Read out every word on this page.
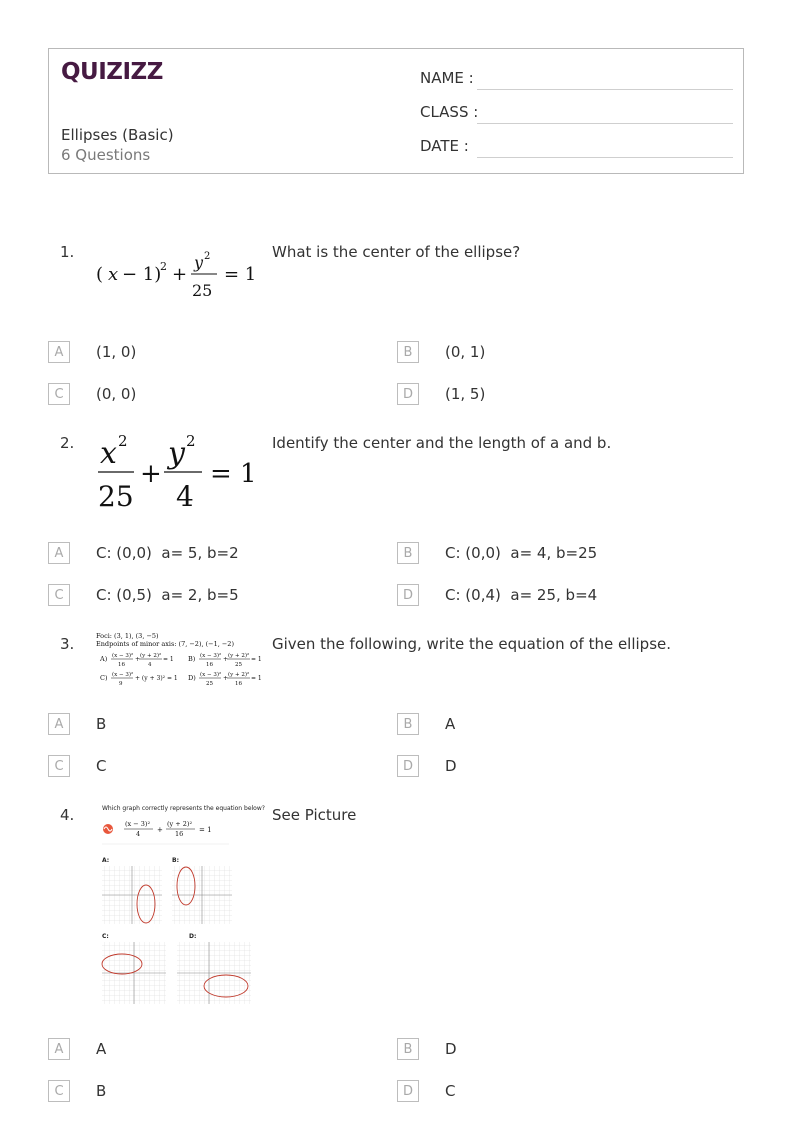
QUIZIZZ
Ellipses (Basic)
6 Questions
NAME :
CLASS :
DATE :
1.	What is the center of the ellipse?
( x − 1)
2 +
y 2
25
= 1
A	(1, 0)	B	(0, 1)
C	(0, 0)	D	(1, 5)
2.	Identify the center and the length of a and b.
x 2
25
+
y 2
4
= 1
A	C: (0,0)  a= 5, b=2	B	C: (0,0)  a= 4, b=25
C	C: (0,5)  a= 2, b=5	D	C: (0,4)  a= 25, b=4
3.	Given the following, write the equation of the ellipse.
Foci: (3, 1), (3, −5)
Endpoints of minor axis: (7, −2), (−1, −2)
A) (x − 3)²
16
+ (y + 2)²
4
= 1 B) (x − 3)²
16
+ (y + 2)²
25
= 1
C) (x − 3)²
9
+ (y + 3)² = 1 D) (x − 3)²
25
+ (y + 2)²
16
= 1
A	B	B	A
C	C	D	D
4.	See Picture
Which graph correctly represents the equation below?
(x − 3)²
4 +
(y + 2)²
16 = 1
A:	B:
C:	D:
A	A	B	D
C	B	D	C
